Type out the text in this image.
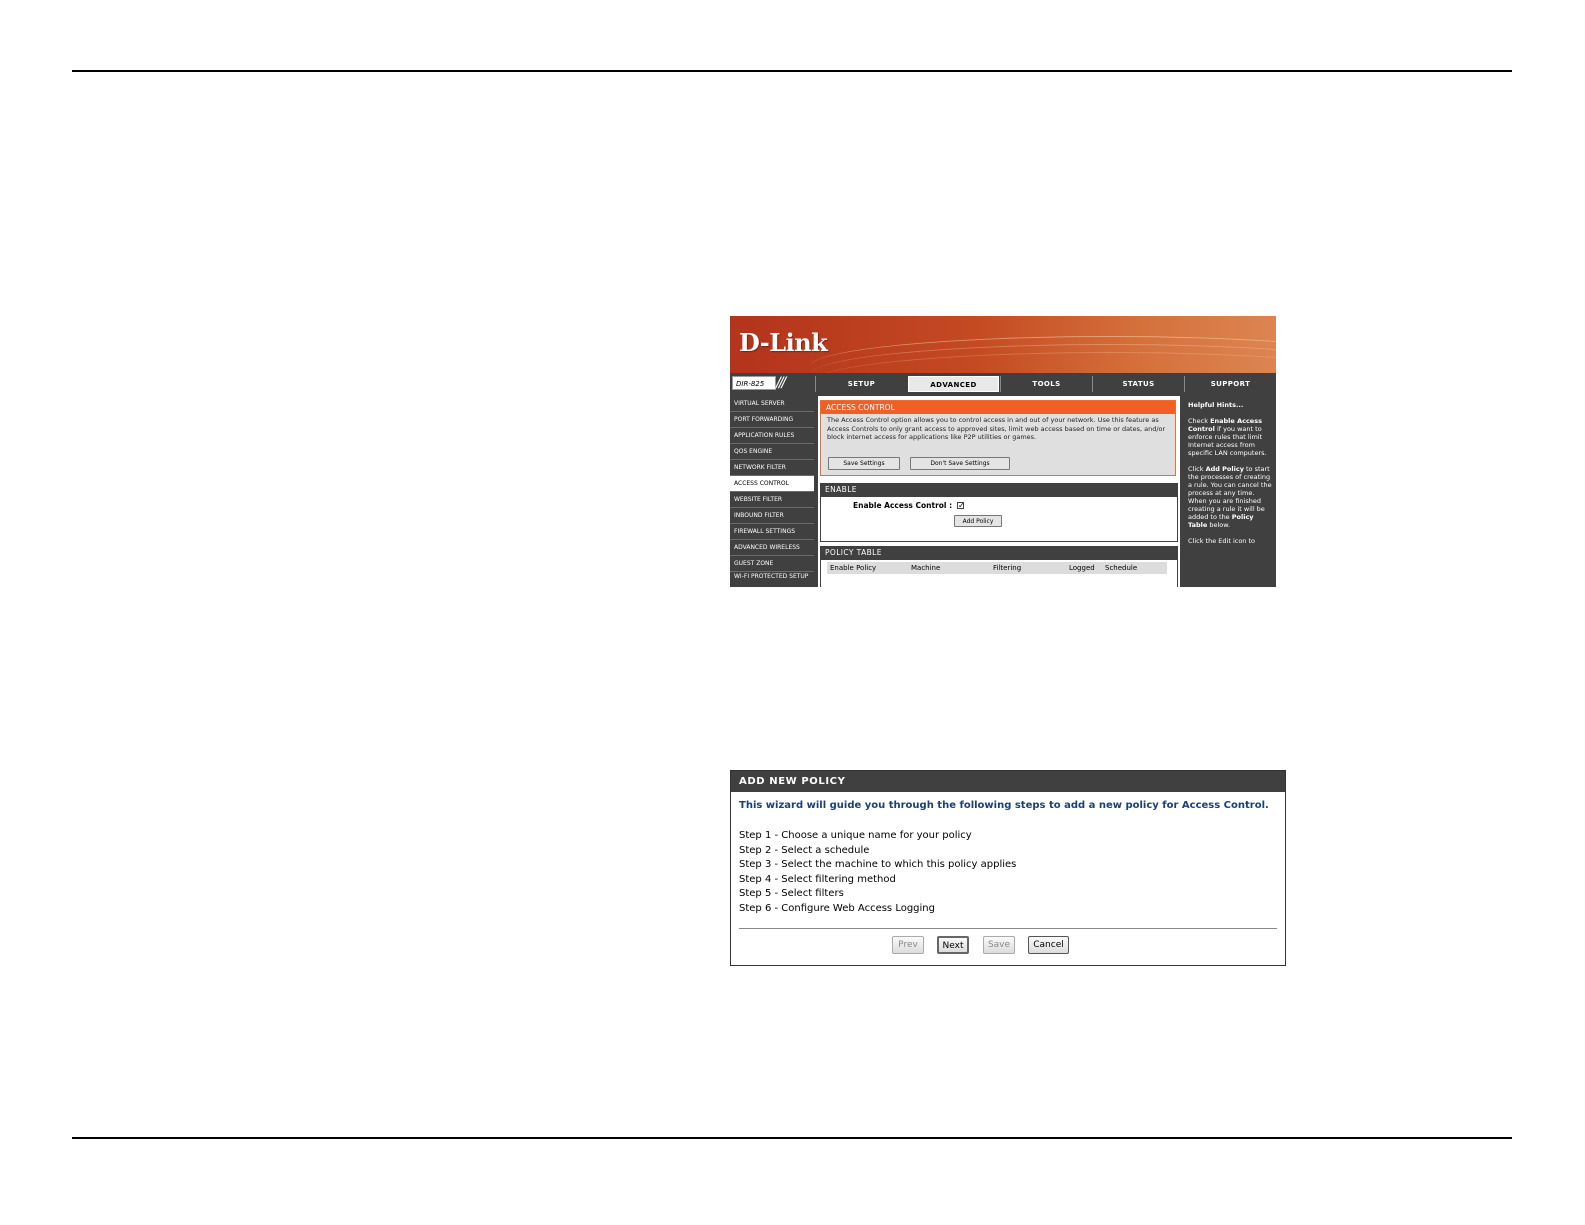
D-Link
DIR-825 ///	SETUP	ADVANCED	TOOLS	STATUS	SUPPORT
VIRTUAL SERVER
PORT FORWARDING
APPLICATION RULES
QOS ENGINE
NETWORK FILTER
ACCESS CONTROL
WEBSITE FILTER
INBOUND FILTER
FIREWALL SETTINGS
ADVANCED WIRELESS
GUEST ZONE
WI-FI PROTECTED SETUP
ACCESS CONTROL
The Access Control option allows you to control access in and out of your network. Use this feature as Access Controls to only grant access to approved sites, limit web access based on time or dates, and/or block internet access for applications like P2P utilities or games.
Save Settings	Don't Save Settings
ENABLE
Enable Access Control : ✓
Add Policy
POLICY TABLE
Enable Policy	Machine	Filtering	Logged Schedule

Helpful Hints...

Check Enable Access Control if you want to enforce rules that limit Internet access from specific LAN computers.

Click Add Policy to start the processes of creating a rule. You can cancel the process at any time. When you are finished creating a rule it will be added to the Policy Table below.

Click the Edit icon to

ADD NEW POLICY
This wizard will guide you through the following steps to add a new policy for Access Control.
Step 1 - Choose a unique name for your policy
Step 2 - Select a schedule
Step 3 - Select the machine to which this policy applies
Step 4 - Select filtering method
Step 5 - Select filters
Step 6 - Configure Web Access Logging
Prev	Next	Save	Cancel
